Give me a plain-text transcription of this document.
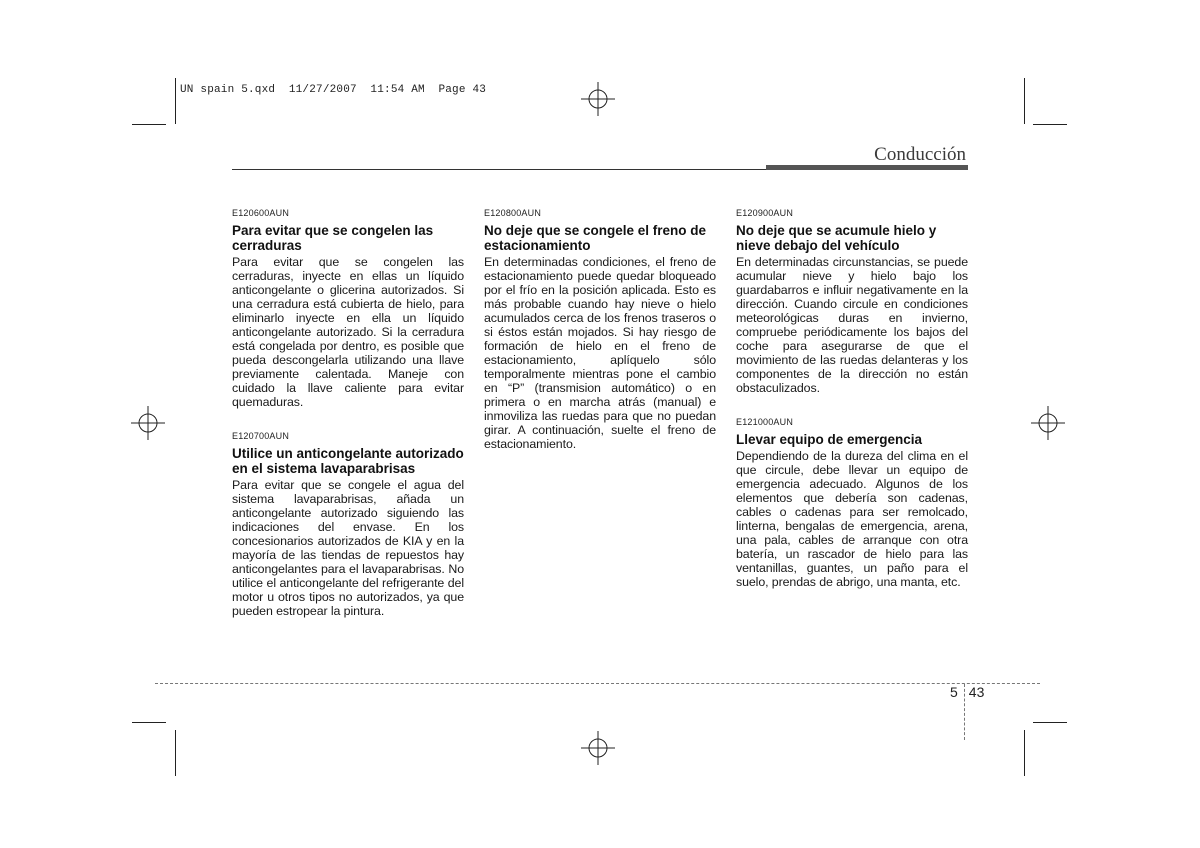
UN spain 5.qxd  11/27/2007  11:54 AM  Page 43
Conducción
E120600AUN
Para evitar que se congelen las cerraduras
Para evitar que se congelen las cerraduras, inyecte en ellas un líquido anticongelante o glicerina autorizados. Si una cerradura está cubierta de hielo, para eliminarlo inyecte en ella un líquido anticongelante autorizado. Si la cerradura está congelada por dentro, es posible que pueda descongelarla utilizando una llave previamente calentada. Maneje con cuidado la llave caliente para evitar quemaduras.
E120700AUN
Utilice un anticongelante autorizado en el sistema lavaparabrisas
Para evitar que se congele el agua del sistema lavaparabrisas, añada un anticongelante autorizado siguiendo las indicaciones del envase. En los concesionarios autorizados de KIA y en la mayoría de las tiendas de repuestos hay anticongelantes para el lavaparabrisas. No utilice el anticongelante del refrigerante del motor u otros tipos no autorizados, ya que pueden estropear la pintura.
E120800AUN
No deje que se congele el freno de estacionamiento
En determinadas condiciones, el freno de estacionamiento puede quedar bloqueado por el frío en la posición aplicada. Esto es más probable cuando hay nieve o hielo acumulados cerca de los frenos traseros o si éstos están mojados. Si hay riesgo de formación de hielo en el freno de estacionamiento, aplíquelo sólo temporalmente mientras pone el cambio en “P” (transmision automático) o en primera o en marcha atrás (manual) e inmoviliza las ruedas para que no puedan girar. A continuación, suelte el freno de estacionamiento.
E120900AUN
No deje que se acumule hielo y nieve debajo del vehículo
En determinadas circunstancias, se puede acumular nieve y hielo bajo los guardabarros e influir negativamente en la dirección. Cuando circule en condiciones meteorológicas duras en invierno, compruebe periódicamente los bajos del coche para asegurarse de que el movimiento de las ruedas delanteras y los componentes de la dirección no están obstaculizados.
E121000AUN
Llevar equipo de emergencia
Dependiendo de la dureza del clima en el que circule, debe llevar un equipo de emergencia adecuado. Algunos de los elementos que debería son cadenas, cables o cadenas para ser remolcado, linterna, bengalas de emergencia, arena, una pala, cables de arranque con otra batería, un rascador de hielo para las ventanillas, guantes, un paño para el suelo, prendas de abrigo, una manta, etc.
5 43
